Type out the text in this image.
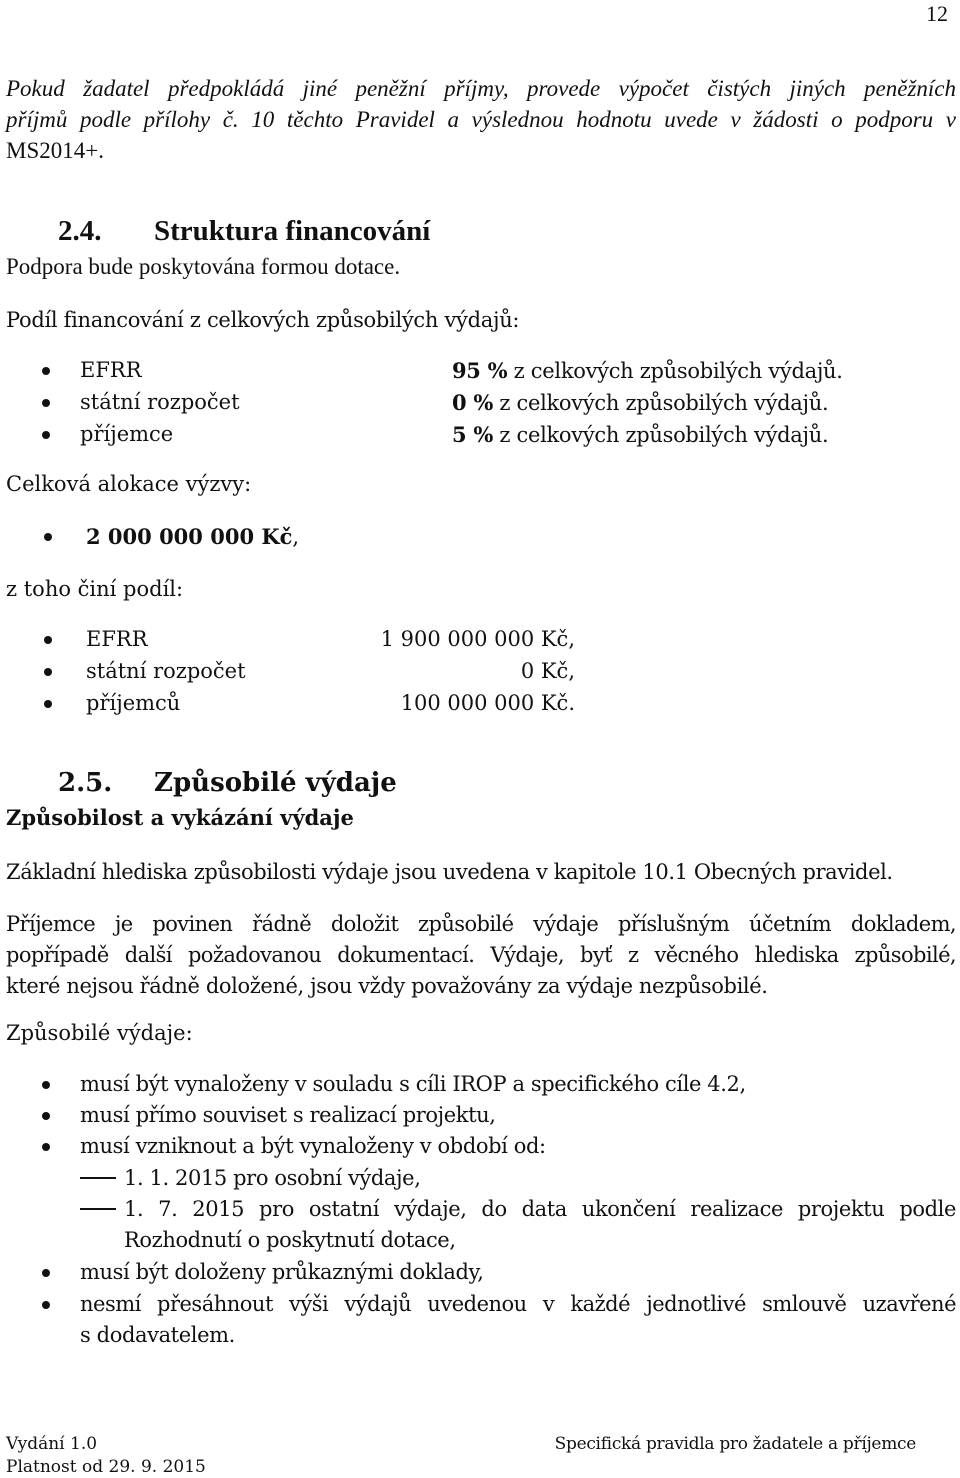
12

Pokud žadatel předpokládá jiné peněžní příjmy, provede výpočet čistých jiných peněžních

příjmů podle přílohy č. 10 těchto Pravidel a výslednou hodnotu uvede v žádosti o podporu v

MS2014+.

2.4. Struktura financování

Podpora bude poskytována formou dotace.

Podíl financování z celkových způsobilých výdajů:

EFRR	95 % z celkových způsobilých výdajů.
státní rozpočet	0 % z celkových způsobilých výdajů.
příjemce	5 % z celkových způsobilých výdajů.

Celková alokace výzvy:

2 000 000 000 Kč,

z toho činí podíl:

EFRR	1 900 000 000 Kč,
státní rozpočet	0 Kč,
příjemců	100 000 000 Kč.
2.5. Způsobilé výdaje
Způsobilost a vykázání výdaje

Základní hlediska způsobilosti výdaje jsou uvedena v kapitole 10.1 Obecných pravidel.

Příjemce je povinen řádně doložit způsobilé výdaje příslušným účetním dokladem,

popřípadě další požadovanou dokumentací. Výdaje, byť z věcného hlediska způsobilé,

které nejsou řádně doložené, jsou vždy považovány za výdaje nezpůsobilé.

Způsobilé výdaje:

musí být vynaloženy v souladu s cíli IROP a specifického cíle 4.2,
musí přímo souviset s realizací projektu,
musí vzniknout a být vynaloženy v období od:
1. 1. 2015 pro osobní výdaje,
1. 7. 2015 pro ostatní výdaje, do data ukončení realizace projektu podle
Rozhodnutí o poskytnutí dotace,
musí být doloženy průkaznými doklady,
nesmí přesáhnout výši výdajů uvedenou v každé jednotlivé smlouvě uzavřené
s dodavatelem.
Vydání 1.0
Platnost od 29. 9. 2015
Specifická pravidla pro žadatele a příjemce
